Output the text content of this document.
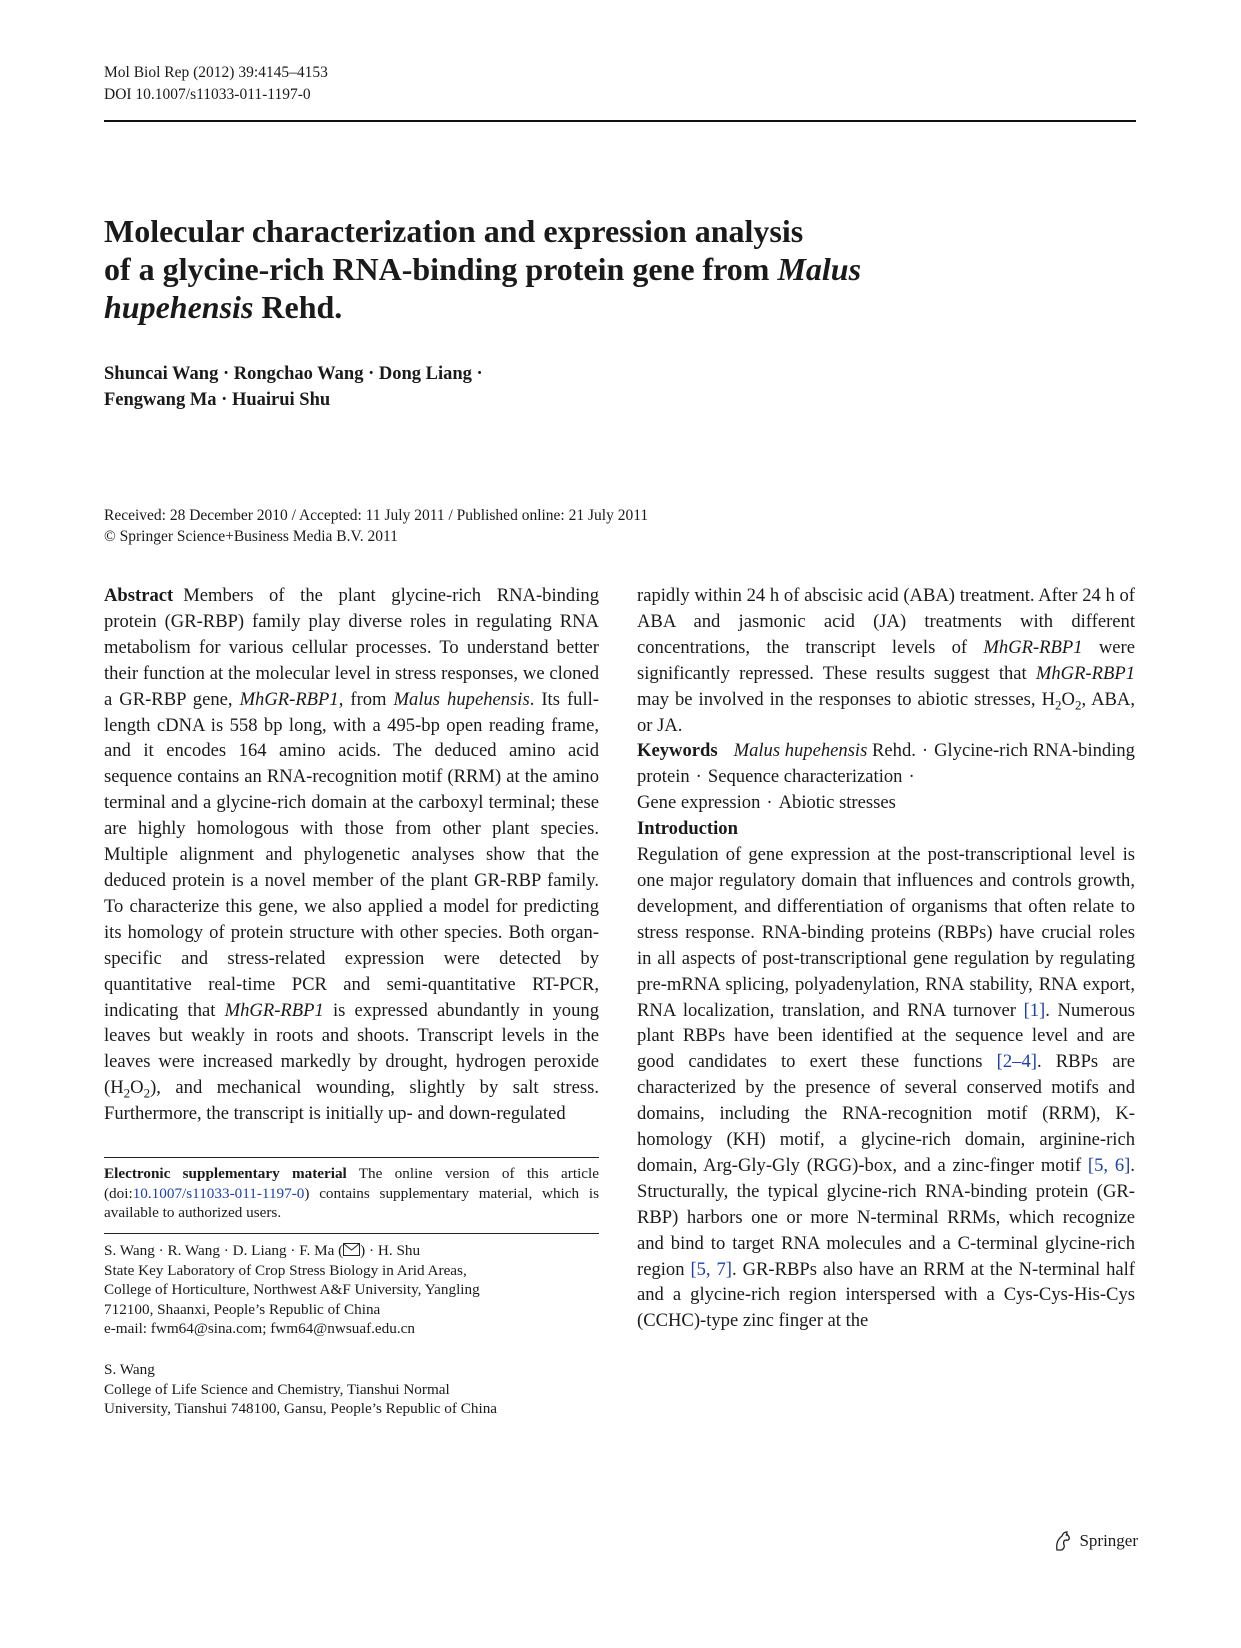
Mol Biol Rep (2012) 39:4145–4153
DOI 10.1007/s11033-011-1197-0
Molecular characterization and expression analysis
of a glycine-rich RNA-binding protein gene from Malus
hupehensis Rehd.
Shuncai Wang · Rongchao Wang · Dong Liang ·
Fengwang Ma · Huairui Shu
Received: 28 December 2010 / Accepted: 11 July 2011 / Published online: 21 July 2011
© Springer Science+Business Media B.V. 2011

Abstract Members of the plant glycine-rich RNA-binding protein (GR-RBP) family play diverse roles in regulating RNA metabolism for various cellular processes. To understand better their function at the molecular level in stress responses, we cloned a GR-RBP gene, MhGR-RBP1, from Malus hupehensis. Its full-length cDNA is 558 bp long, with a 495-bp open reading frame, and it encodes 164 amino acids. The deduced amino acid sequence contains an RNA-recognition motif (RRM) at the amino terminal and a glycine-rich domain at the carboxyl terminal; these are highly homologous with those from other plant species. Multiple alignment and phylogenetic analyses show that the deduced protein is a novel member of the plant GR-RBP family. To characterize this gene, we also applied a model for predicting its homology of protein structure with other species. Both organ-specific and stress-related expression were detected by quantitative real-time PCR and semi-quantitative RT-PCR, indicating that MhGR-RBP1 is expressed abundantly in young leaves but weakly in roots and shoots. Transcript levels in the leaves were increased markedly by drought, hydrogen peroxide $(H_2O_2)$, and mechanical wounding, slightly by salt stress. Furthermore, the transcript is initially up- and down-regulated

Electronic supplementary material The online version of this article (doi:10.1007/s11033-011-1197-0) contains supplementary material, which is available to authorized users.

S. Wang · R. Wang · D. Liang · F. Ma ( ) · H. Shu

State Key Laboratory of Crop Stress Biology in Arid Areas,

College of Horticulture, Northwest A&F University, Yangling

712100, Shaanxi, People’s Republic of China

e-mail: fwm64@sina.com; fwm64@nwsuaf.edu.cn

S. Wang

College of Life Science and Chemistry, Tianshui Normal

University, Tianshui 748100, Gansu, People’s Republic of China

rapidly within 24 h of abscisic acid (ABA) treatment. After 24 h of ABA and jasmonic acid (JA) treatments with different concentrations, the transcript levels of MhGR-RBP1 were significantly repressed. These results suggest that MhGR-RBP1 may be involved in the responses to abiotic stresses, $H_2O_2$, ABA, or JA.

Keywords Malus hupehensis Rehd. · Glycine-rich RNA-binding protein · Sequence characterization ·
Gene expression · Abiotic stresses

Introduction

Regulation of gene expression at the post-transcriptional level is one major regulatory domain that influences and controls growth, development, and differentiation of organisms that often relate to stress response. RNA-binding proteins (RBPs) have crucial roles in all aspects of post-transcriptional gene regulation by regulating pre-mRNA splicing, polyadenylation, RNA stability, RNA export, RNA localization, translation, and RNA turnover [1]. Numerous plant RBPs have been identified at the sequence level and are good candidates to exert these functions [2–4]. RBPs are characterized by the presence of several conserved motifs and domains, including the RNA-recognition motif (RRM), K-homology (KH) motif, a glycine-rich domain, arginine-rich domain, Arg-Gly-Gly (RGG)-box, and a zinc-finger motif [5, 6]. Structurally, the typical glycine-rich RNA-binding protein (GR-RBP) harbors one or more N-terminal RRMs, which recognize and bind to target RNA molecules and a C-terminal glycine-rich region [5, 7]. GR-RBPs also have an RRM at the N-terminal half and a glycine-rich region interspersed with a Cys-Cys-His-Cys (CCHC)-type zinc finger at the

Springer
